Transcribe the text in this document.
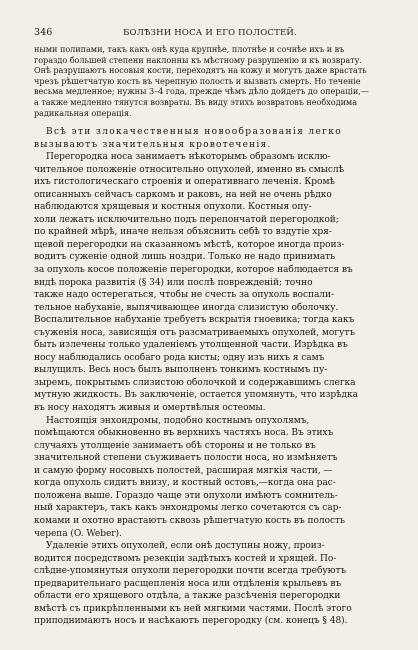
346	БОЛѢЗНИ НОСА И ЕГО ПОЛОСТЕЙ.
ными полипами, такъ какъ онѣ куда крупнѣе, плотнѣе и сочнѣе ихъ и въ
гораздо большей степени наклонны къ мѣстному разрушенію и къ возврату.
Онѣ разрушаютъ носовыя кости, переходятъ на кожу и могутъ даже врастать
чрезъ рѣшетчатую кость въ черепную полость и вызвать смерть. Но теченіе
весьма медленное; нужны 3–4 года, прежде чѣмъ дѣло дойдетъ до операціи,—
а также медленно тянутся возвраты. Въ виду этихъ возвратовъ необходима
радикальная операція.
Всѣ эти злокачественныя новообразованія легко
вызываютъ значительныя кровотеченія.
Перегородка носа занимаетъ нѣкоторымъ образомъ исклю-
чительное положеніе относительно опухолей, именно въ смыслѣ
ихъ гистологическаго строенія и оперативнаго леченія. Кромѣ
описанныхъ сейчасъ саркомъ и раковъ, на ней не очень рѣдко
наблюдаются хрящевыя и костныя опухоли. Костныя опу-
холи лежатъ исключительно подъ перепончатой перегородкой;
по крайней мѣрѣ, иначе нельзя объяснить себѣ то вздутіе хря-
щевой перегородки на сказанномъ мѣстѣ, которое иногда произ-
водитъ суженіе одной лишь ноздри. Только не надо принимать
за опухоль косое положеніе перегородки, которое наблюдается въ
видѣ порока развитія (§ 34) или послѣ поврежденій; точно
также надо остерегаться, чтобы не счесть за опухоль воспали-
тельное набуханіе, выпячивающее иногда слизистую оболочку.
Воспалительное набуханіе требуетъ вскрытія гноевика; тогда какъ
съуженія носа, зависящія отъ разсматриваемыхъ опухолей, могутъ
быть излечены только удаленіемъ утолщенной части. Изрѣдка въ
носу наблюдались особаго рода кисты; одну изъ нихъ я самъ
вылущилъ. Весь носъ былъ выполненъ тонкимъ костнымъ пу-
зыремъ, покрытымъ слизистою оболочкой и содержавшимъ слегка
мутную жидкость. Въ заключеніе, остается упомянуть, что изрѣдка
въ носу находятъ живыя и омертвѣлыя остеомы.
Настоящія энхондромы, подобно костнымъ опухолямъ,
помѣщаются обыкновенно въ верхнихъ частяхъ носа. Въ этихъ
случаяхъ утолщеніе занимаетъ обѣ стороны и не только въ
значительной степени съуживаетъ полости носа, но измѣняетъ
и самую форму носовыхъ полостей, расширая мягкія части, —
когда опухоль сидитъ внизу, и костный остовъ,—когда она рас-
положена выше. Гораздо чаще эти опухоли имѣютъ сомнитель-
ный характеръ, такъ какъ энхондромы легко сочетаются съ сар-
комами и охотно врастаютъ сквозь рѣшетчатую кость въ полость
черепа (O. Weber).
Удаленіе этихъ опухолей, если онѣ доступны ножу, произ-
водится посредствомъ резекціи задѣтыхъ костей и хрящей. По-
слѣдне-упомянутыя опухоли перегородки почти всегда требуютъ
предварительнаго расщепленія носа или отдѣленія крыльевъ въ
области его хрящевого отдѣла, а также разсѣченія перегородки
вмѣстѣ съ прикрѣпленными къ ней мягкими частями. Послѣ этого
приподнимаютъ носъ и насѣкаютъ перегородку (см. конецъ § 48).
